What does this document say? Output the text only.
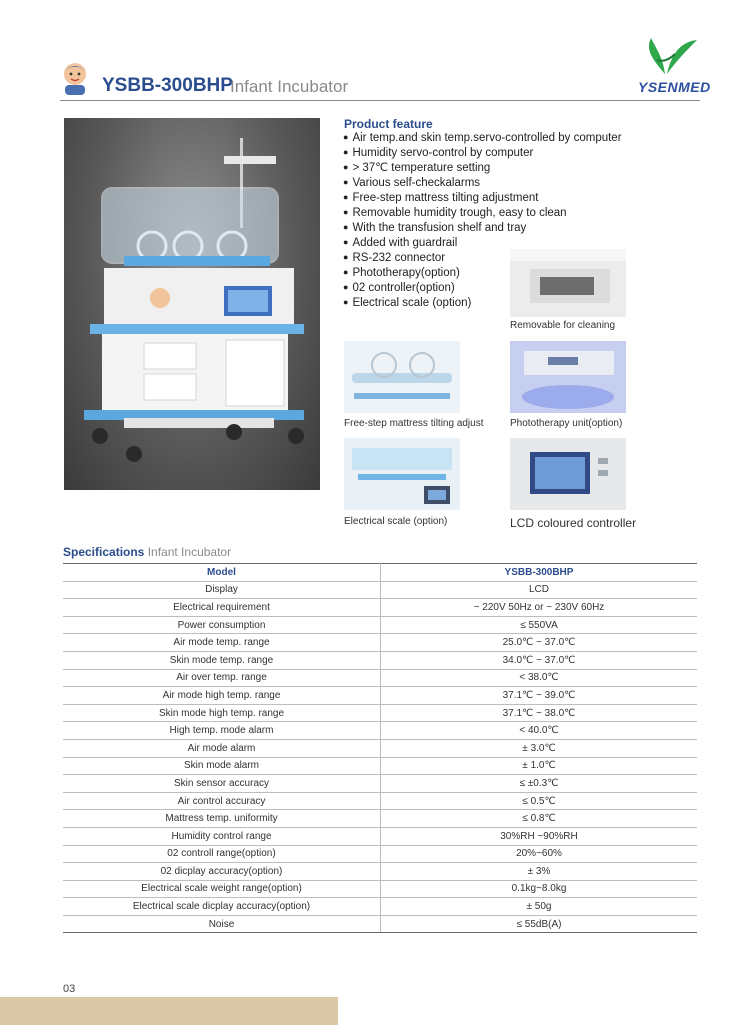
YSBB-300BHP
Infant Incubator	YSENMED
Product feature
● Air temp.and skin temp.servo-controlled by computer
● Humidity servo-control by computer
● > 37℃ temperature setting
● Various self-checkalarms
● Free-step mattress tilting adjustment
● Removable humidity trough, easy to clean
● With the transfusion shelf and tray
● Added with guardrail
● RS-232 connector
● Phototherapy(option)
● 02 controller(option)
● Electrical scale (option)
Removable for cleaning
Free-step mattress tilting adjust	Phototherapy unit(option)
Electrical scale (option)	LCD coloured controller
Specifications Infant Incubator
Model	YSBB-300BHP
Display	LCD
Electrical requirement	~ 220V 50Hz or ~ 230V 60Hz
Power consumption	≤ 550VA
Air mode temp. range	25.0℃ ~ 37.0℃
Skin mode temp. range	34.0℃ ~ 37.0℃
Air over temp. range	< 38.0℃
Air mode high temp. range	37.1℃ ~ 39.0℃
Skin mode high temp. range	37.1℃ ~ 38.0℃
High temp. mode alarm	< 40.0℃
Air mode alarm	± 3.0℃
Skin mode alarm	± 1.0℃
Skin sensor accuracy	≤ ±0.3℃
Air control accuracy	≤ 0.5℃
Mattress temp. uniformity	≤ 0.8℃
Humidity control range	30%RH ~90%RH
02 controll range(option)	20%~60%
02 dicplay accuracy(option)	± 3%
Electrical scale weight range(option)	0.1kg~8.0kg
Electrical scale dicplay accuracy(option)	± 50g
Noise	≤ 55dB(A)
03
